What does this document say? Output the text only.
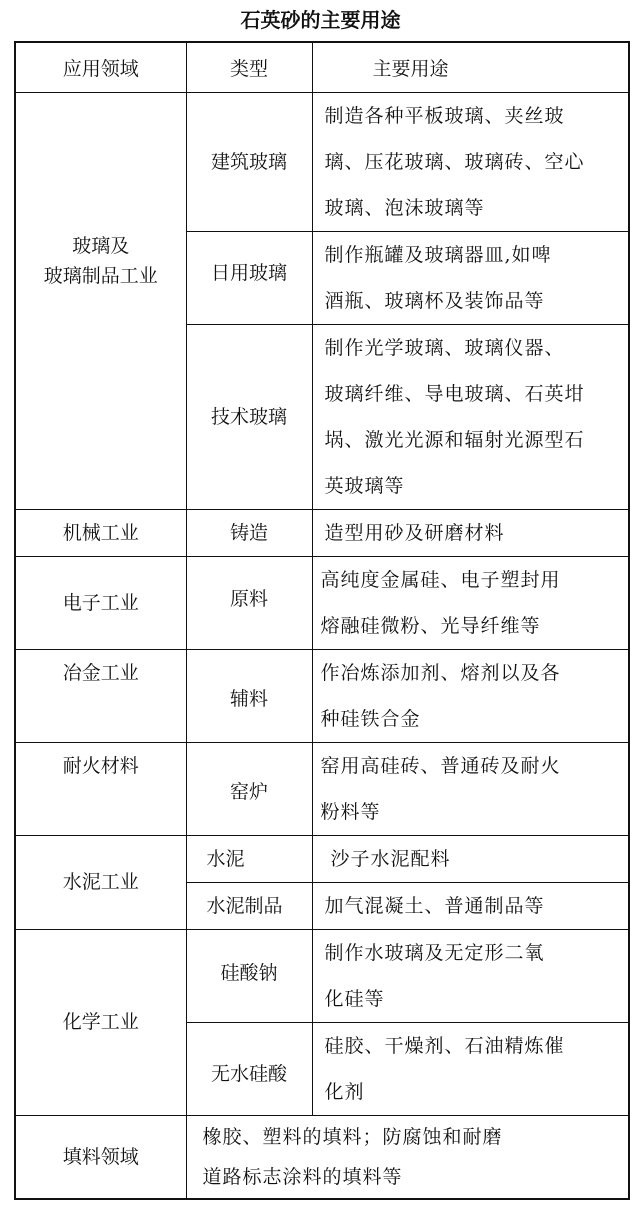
石英砂的主要用途
应用领域	类型	主要用途

玻璃及
玻璃制品工业	建筑玻璃	制造各种平板玻璃、夹丝玻
璃、压花玻璃、玻璃砖、空心
玻璃、泡沫玻璃等

	日用玻璃	制作瓶罐及玻璃器皿,如啤
酒瓶、玻璃杯及装饰品等

	技术玻璃	制作光学玻璃、玻璃仪器、
玻璃纤维、导电玻璃、石英坩
埚、激光光源和辐射光源型石
英玻璃等

机械工业	铸造	造型用砂及研磨材料

电子工业	原料	高纯度金属硅、电子塑封用
熔融硅微粉、光导纤维等

冶金工业	辅料	作冶炼添加剂、熔剂以及各
种硅铁合金

耐火材料	窑炉	窑用高硅砖、普通砖及耐火
粉料等

水泥工业	水泥	沙子水泥配料

	水泥制品	加气混凝土、普通制品等

化学工业	硅酸钠	制作水玻璃及无定形二氧
化硅等

	无水硅酸	硅胶、干燥剂、石油精炼催
化剂

填料领域	橡胶、塑料的填料；防腐蚀和耐磨
道路标志涂料的填料等	
